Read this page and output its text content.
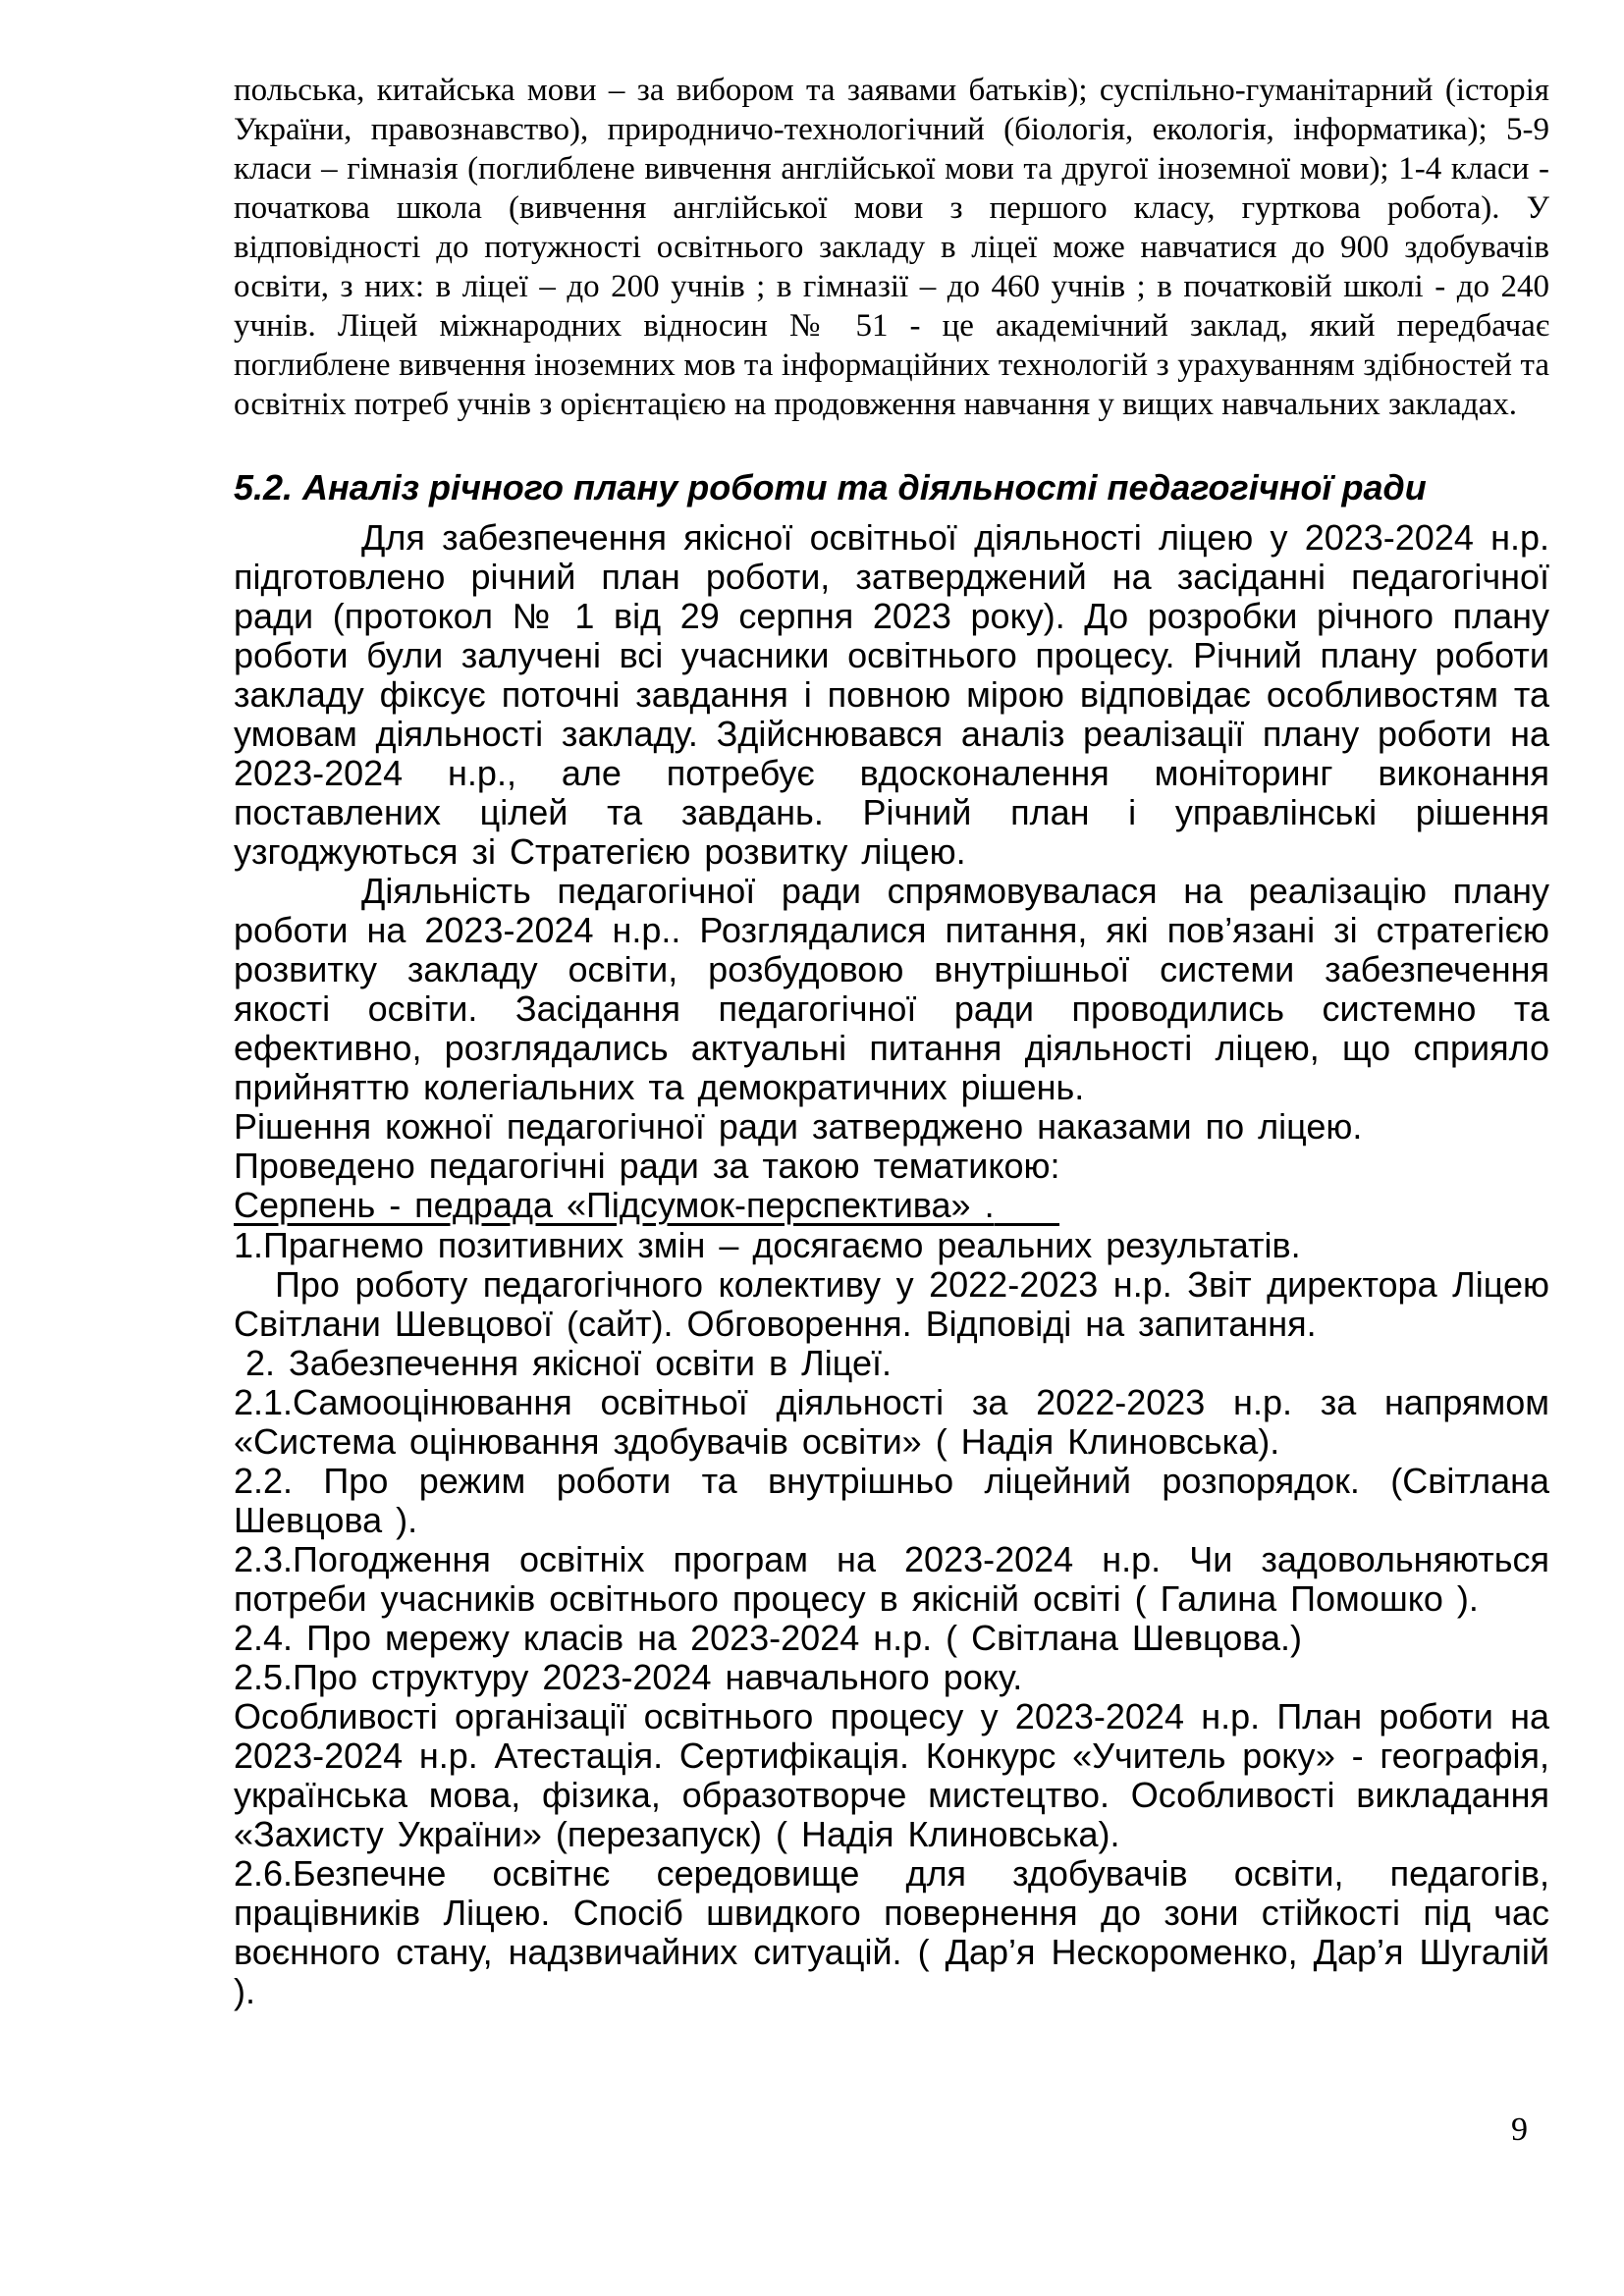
польська, китайська мови – за вибором та заявами батьків); суспільно-гуманітарний (історія України, правознавство), природничо-технологічний (біологія, екологія, інформатика); 5-9 класи – гімназія (поглиблене вивчення англійської мови та другої іноземної мови); 1-4 класи - початкова школа (вивчення англійської мови з першого класу, гурткова робота). У відповідності до потужності освітнього закладу в ліцеї може навчатися до 900 здобувачів освіти, з них: в ліцеї – до 200 учнів ; в гімназії – до 460 учнів ; в початковій школі - до 240 учнів. Ліцей міжнародних відносин № 51 - це академічний заклад, який передбачає поглиблене вивчення іноземних мов та інформаційних технологій з урахуванням здібностей та освітніх потреб учнів з орієнтацією на продовження навчання у вищих навчальних закладах.

5.2. Аналіз річного плану роботи та діяльності педагогічної ради

Для забезпечення якісної освітньої діяльності ліцею у 2023-2024 н.р. підготовлено річний план роботи, затверджений на засіданні педагогічної ради (протокол № 1 від 29 серпня 2023 року). До розробки річного плану роботи були залучені всі учасники освітнього процесу. Річний плану роботи закладу фіксує поточні завдання і повною мірою відповідає особливостям та умовам діяльності закладу. Здійснювався аналіз реалізації плану роботи на 2023-2024 н.р., але потребує вдосконалення моніторинг виконання поставлених цілей та завдань. Річний план і управлінські рішення узгоджуються зі Стратегією розвитку ліцею.

Діяльність педагогічної ради спрямовувалася на реалізацію плану роботи на 2023-2024 н.р.. Розглядалися питання, які пов’язані зі стратегією розвитку закладу освіти, розбудовою внутрішньої системи забезпечення якості освіти. Засідання педагогічної ради проводились системно та ефективно, розглядались актуальні питання діяльності ліцею, що сприяло прийняттю колегіальних та демократичних рішень.

Рішення кожної педагогічної ради затверджено наказами по ліцею.

Проведено педагогічні ради за такою тематикою:

Серпень - педрада «Підсумок-перспектива» .

1.Прагнемо позитивних змін – досягаємо реальних результатів.

Про роботу педагогічного колективу у 2022-2023 н.р. Звіт директора Ліцею Світлани Шевцової (сайт). Обговорення. Відповіді на запитання.

2. Забезпечення якісної освіти в Ліцеї.

2.1.Самооцінювання освітньої діяльності за 2022-2023 н.р. за напрямом «Система оцінювання здобувачів освіти» ( Надія Клиновська).

2.2. Про режим роботи та внутрішньо ліцейний розпорядок. (Світлана Шевцова ).

2.3.Погодження освітніх програм на 2023-2024 н.р. Чи задовольняються потреби учасників освітнього процесу в якісній освіті ( Галина Помошко ).

2.4. Про мережу класів на 2023-2024 н.р. ( Світлана Шевцова.)

2.5.Про структуру 2023-2024 навчального року.

Особливості організації освітнього процесу у 2023-2024 н.р. План роботи на 2023-2024 н.р. Атестація. Сертифікація. Конкурс «Учитель року» - географія, українська мова, фізика, образотворче мистецтво. Особливості викладання «Захисту України» (перезапуск) ( Надія Клиновська).

2.6.Безпечне освітнє середовище для здобувачів освіти, педагогів, працівників Ліцею. Спосіб швидкого повернення до зони стійкості під час воєнного стану, надзвичайних ситуацій. ( Дар’я Нескороменко, Дар’я Шугалій ).

9
